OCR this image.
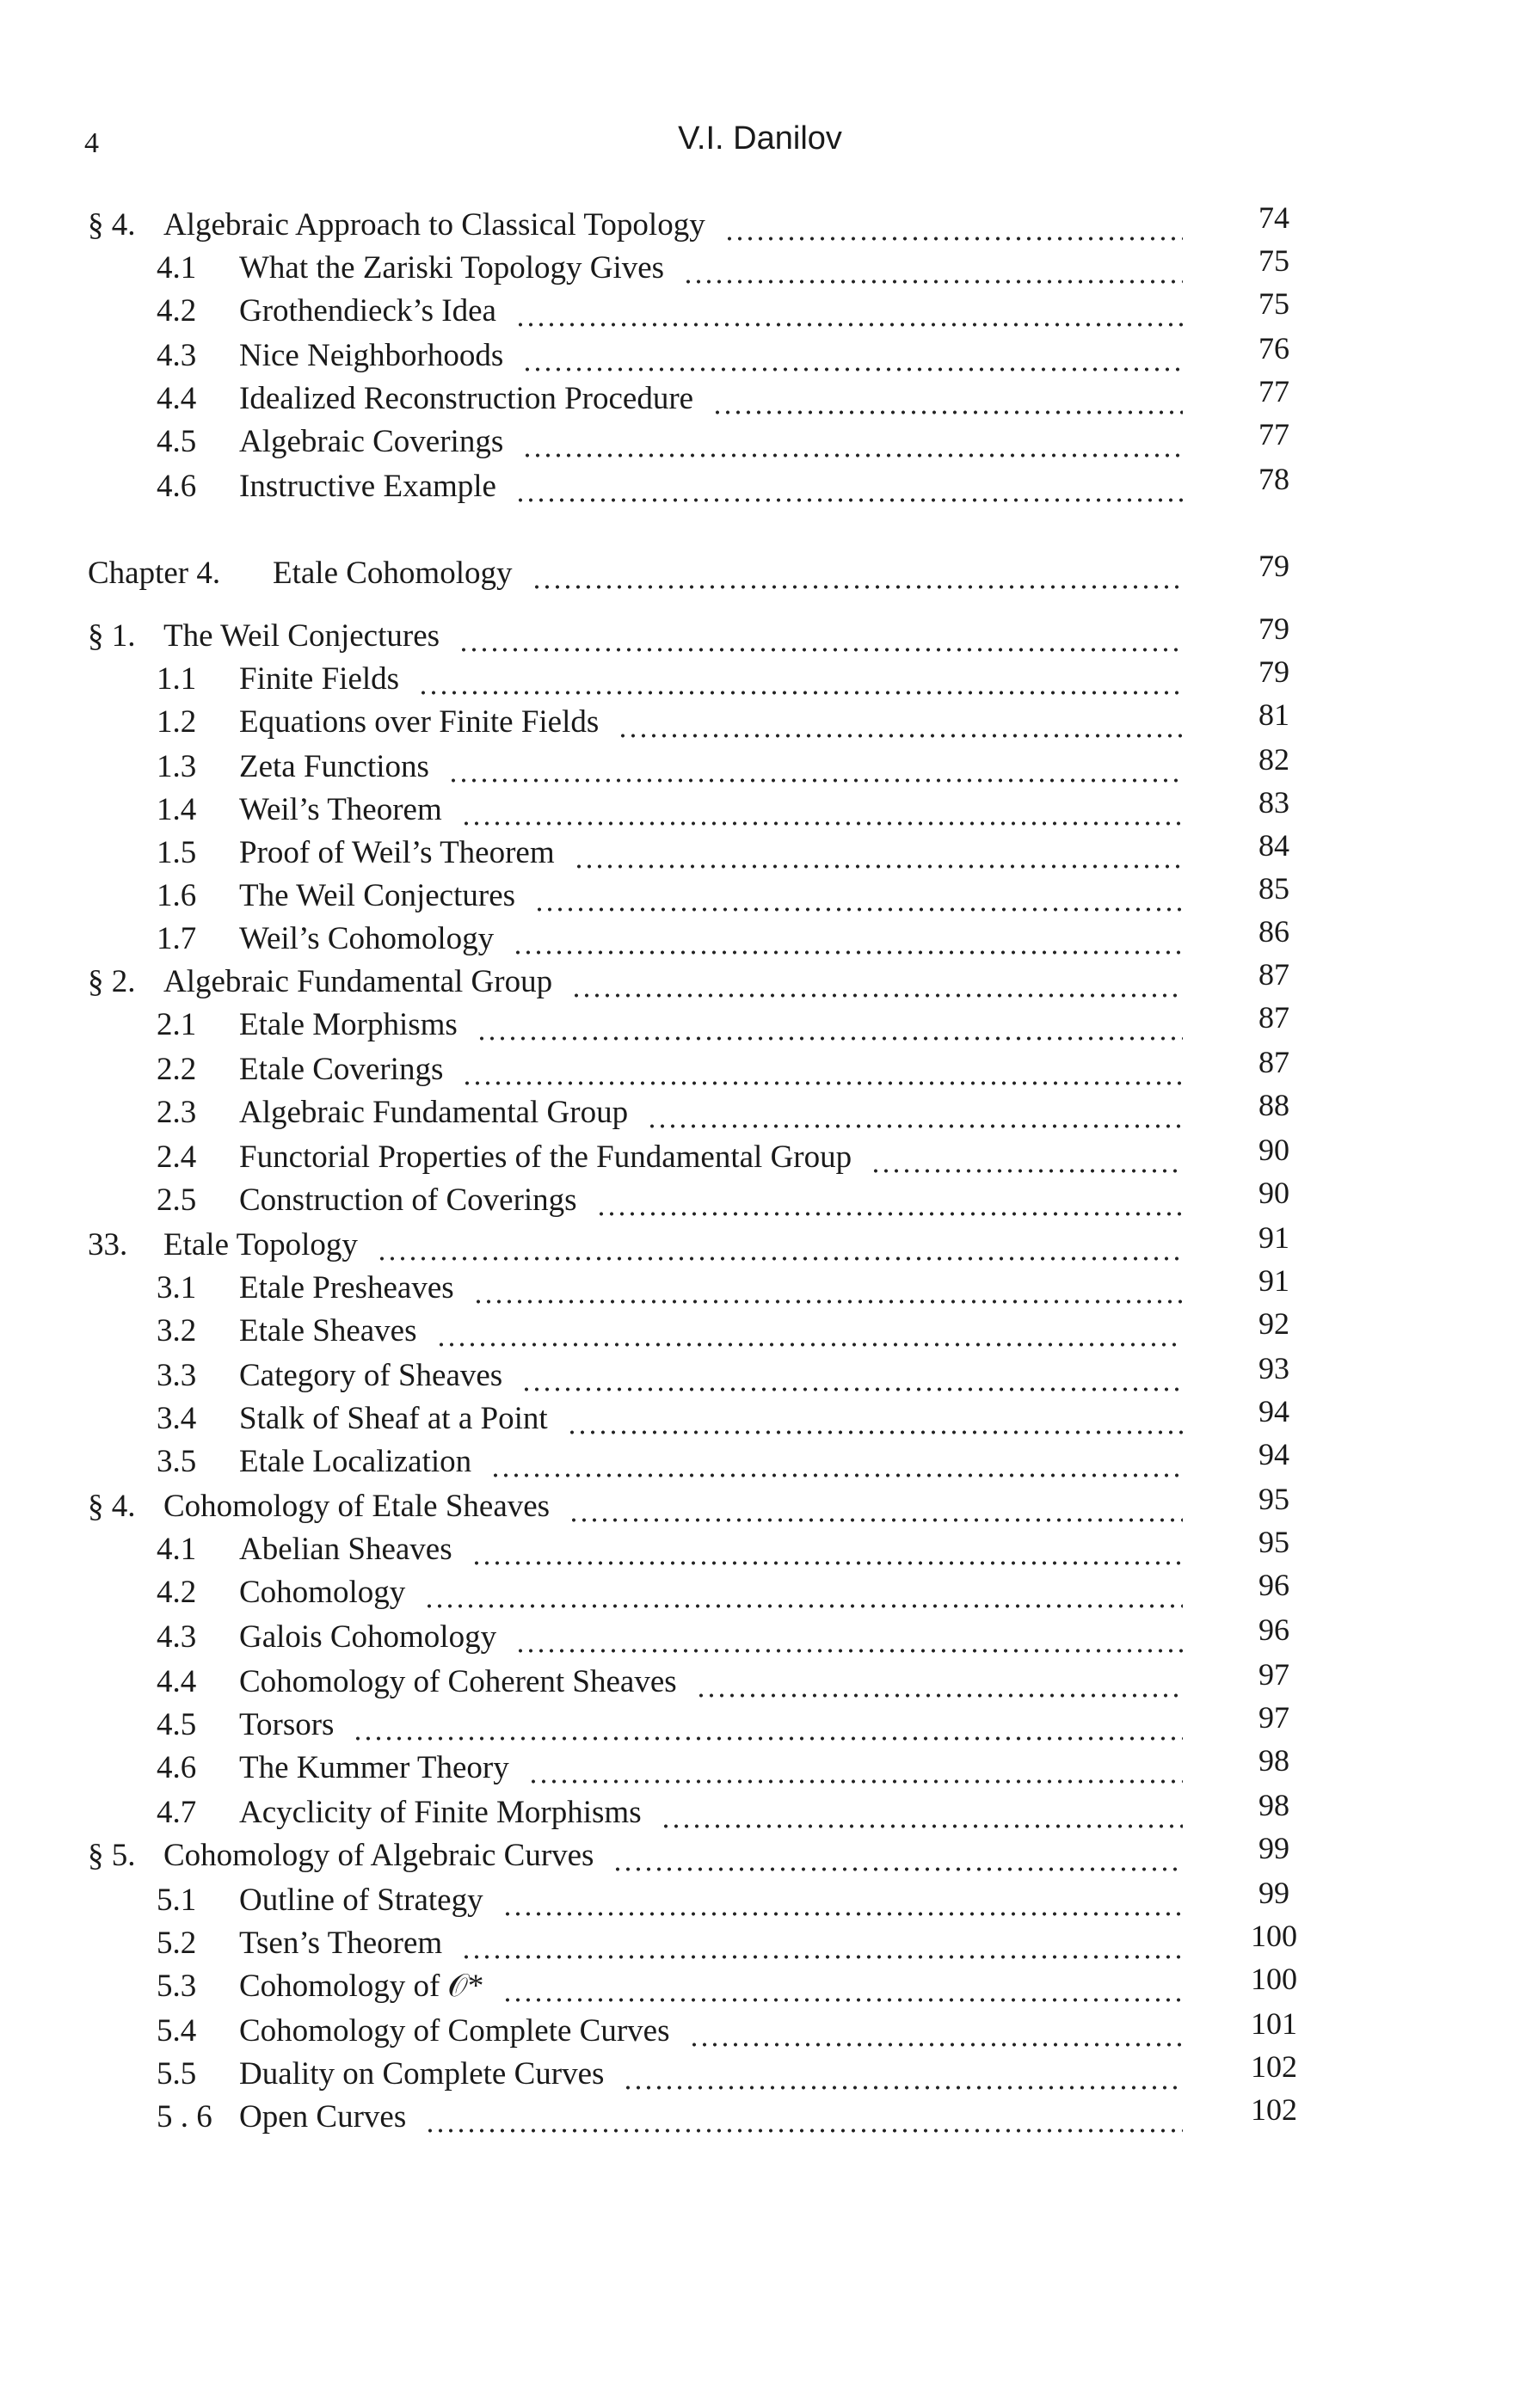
4	V.I. Danilov
§ 4. Algebraic Approach to Classical Topology	74
4.1 What the Zariski Topology Gives	75
4.2 Grothendieck’s Idea	75
4.3 Nice Neighborhoods	76
4.4 Idealized Reconstruction Procedure	77
4.5 Algebraic Coverings	77
4.6 Instructive Example	78
Chapter 4. Etale Cohomology	79
§ 1. The Weil Conjectures	79
1.1 Finite Fields	79
1.2 Equations over Finite Fields	81
1.3 Zeta Functions	82
1.4 Weil’s Theorem	83
1.5 Proof of Weil’s Theorem	84
1.6 The Weil Conjectures	85
1.7 Weil’s Cohomology	86
§ 2. Algebraic Fundamental Group	87
2.1 Etale Morphisms	87
2.2 Etale Coverings	87
2.3 Algebraic Fundamental Group	88
2.4 Functorial Properties of the Fundamental Group	90
2.5 Construction of Coverings	90
33. Etale Topology	91
3.1 Etale Presheaves	91
3.2 Etale Sheaves	92
3.3 Category of Sheaves	93
3.4 Stalk of Sheaf at a Point	94
3.5 Etale Localization	94
§ 4. Cohomology of Etale Sheaves	95
4.1 Abelian Sheaves	95
4.2 Cohomology	96
4.3 Galois Cohomology	96
4.4 Cohomology of Coherent Sheaves	97
4.5 Torsors	97
4.6 The Kummer Theory	98
4.7 Acyclicity of Finite Morphisms	98
§ 5. Cohomology of Algebraic Curves	99
5.1 Outline of Strategy	99
5.2 Tsen’s Theorem	100
5.3 Cohomology of 𝒪*	100
5.4 Cohomology of Complete Curves	101
5.5 Duality on Complete Curves	102
5 . 6 Open Curves	102
